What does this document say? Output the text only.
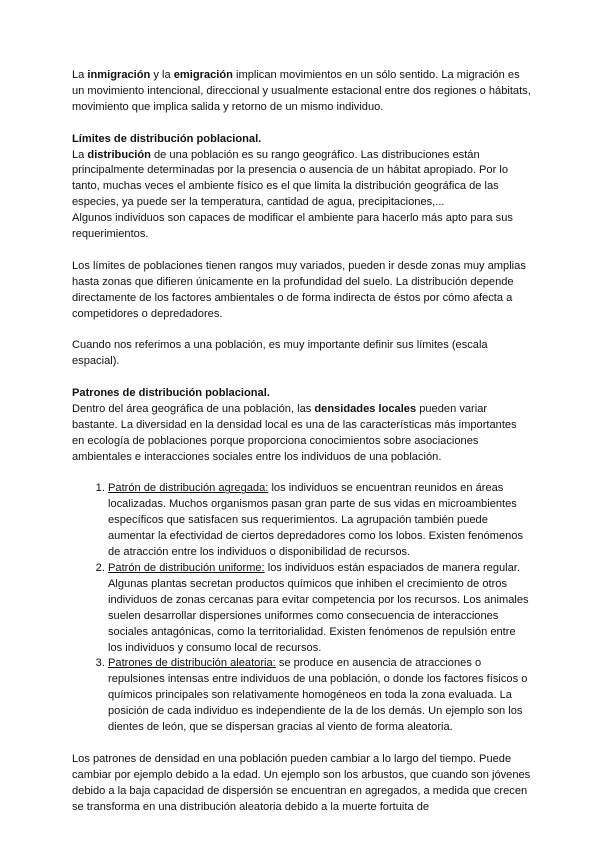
La inmigración y la emigración implican movimientos en un sólo sentido. La migración es un movimiento intencional, direccional y usualmente estacional entre dos regiones o hábitats, movimiento que implica salida y retorno de un mismo individuo.

Límites de distribución poblacional.

La distribución de una población es su rango geográfico. Las distribuciones están principalmente determinadas por la presencia o ausencia de un hábitat apropiado. Por lo tanto, muchas veces el ambiente físico es el que limita la distribución geográfica de las especies, ya puede ser la temperatura, cantidad de agua, precipitaciones,...

Algunos individuos son capaces de modificar el ambiente para hacerlo más apto para sus requerimientos.

Los límites de poblaciones tienen rangos muy variados, pueden ir desde zonas muy amplias hasta zonas que difieren únicamente en la profundidad del suelo. La distribución depende directamente de los factores ambientales o de forma indirecta de éstos por cómo afecta a competidores o depredadores.

Cuando nos referimos a una población, es muy importante definir sus límites (escala espacial).

Patrones de distribución poblacional.

Dentro del área geográfica de una población, las densidades locales pueden variar bastante. La diversidad en la densidad local es una de las características más importantes en ecología de poblaciones porque proporciona conocimientos sobre asociaciones ambientales e interacciones sociales entre los individuos de una población.

1. Patrón de distribución agregada: los individuos se encuentran reunidos en áreas localizadas. Muchos organismos pasan gran parte de sus vidas en microambientes específicos que satisfacen sus requerimientos. La agrupación también puede aumentar la efectividad de ciertos depredadores como los lobos. Existen fenómenos de atracción entre los individuos o disponibilidad de recursos.
2. Patrón de distribución uniforme: los individuos están espaciados de manera regular. Algunas plantas secretan productos químicos que inhiben el crecimiento de otros individuos de zonas cercanas para evitar competencia por los recursos. Los animales suelen desarrollar dispersiones uniformes como consecuencia de interacciones sociales antagónicas, como la territorialidad. Existen fenómenos de repulsión entre los individuos y consumo local de recursos.
3. Patrones de distribución aleatoria: se produce en ausencia de atracciones o repulsiones intensas entre individuos de una población, o donde los factores físicos o químicos principales son relativamente homogéneos en toda la zona evaluada. La posición de cada individuo es independiente de la de los demás. Un ejemplo son los dientes de león, que se dispersan gracias al viento de forma aleatoria.

Los patrones de densidad en una población pueden cambiar a lo largo del tiempo. Puede cambiar por ejemplo debido a la edad. Un ejemplo son los arbustos, que cuando son jóvenes debido a la baja capacidad de dispersión se encuentran en agregados, a medida que crecen se transforma en una distribución aleatoria debido a la muerte fortuita de
